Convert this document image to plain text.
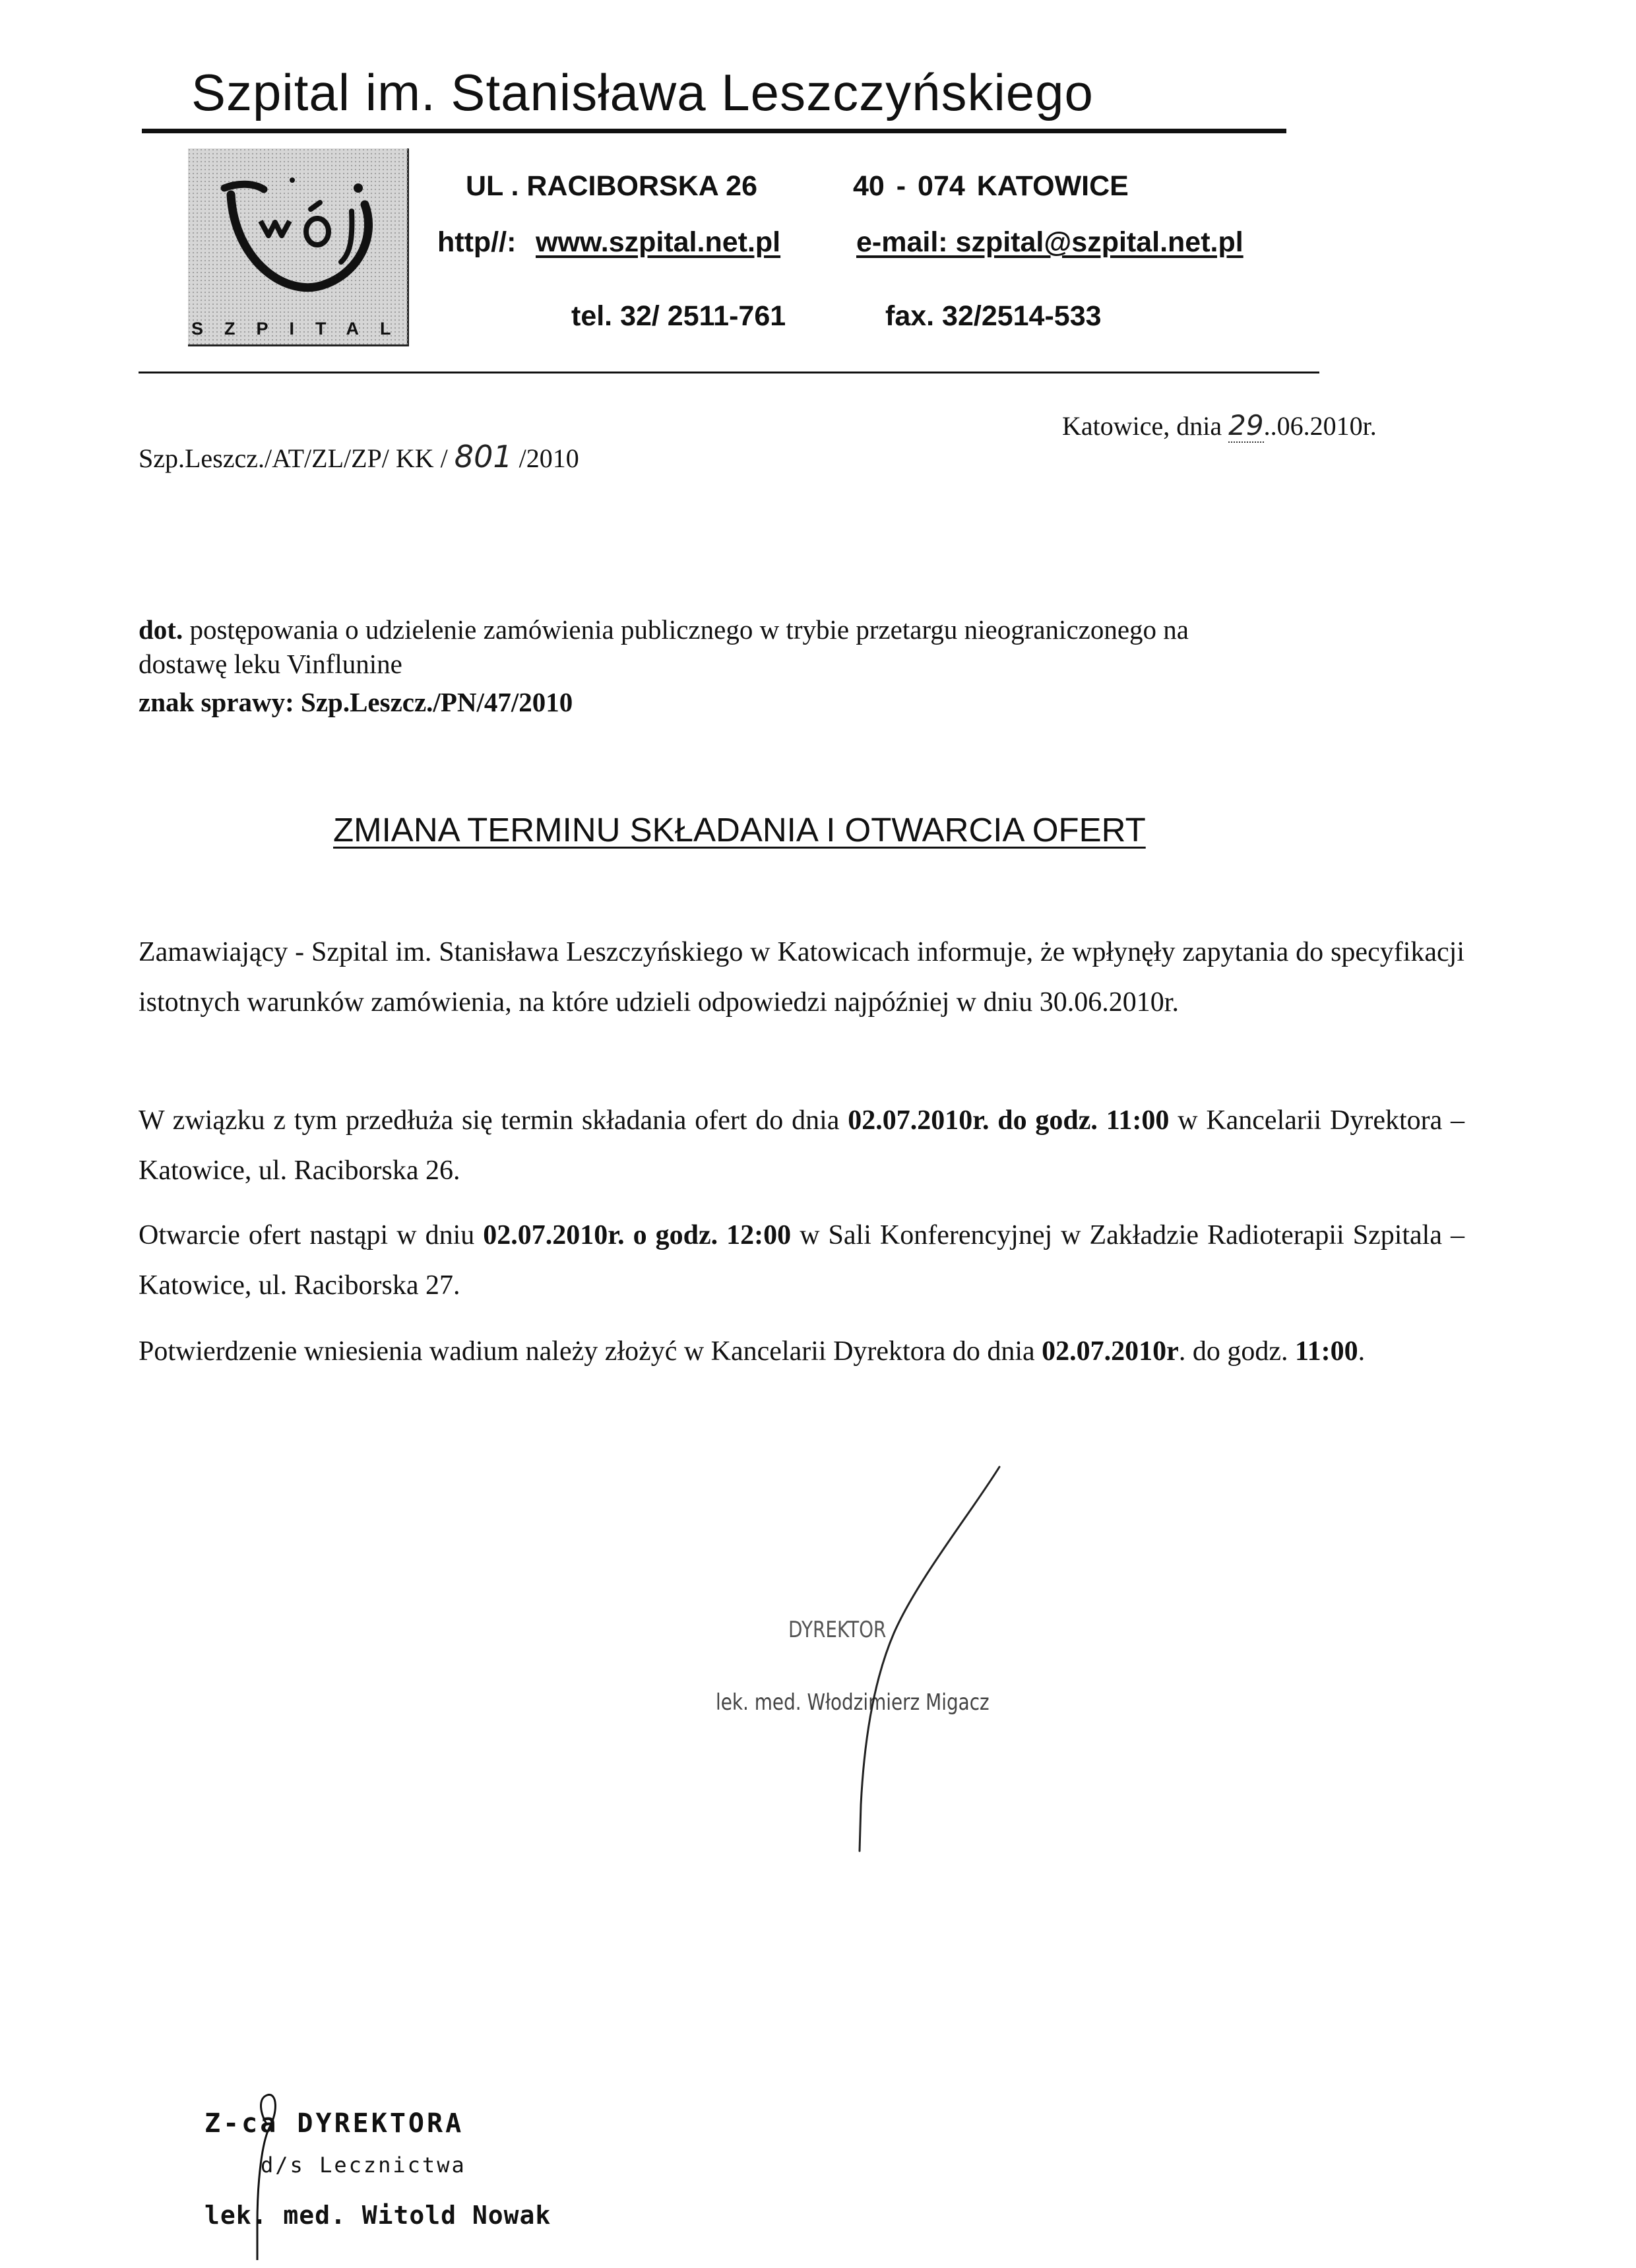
Szpital im. Stanisława Leszczyńskiego
SZPITAL
UL . RACIBORSKA 26	40 - 074 KATOWICE
http//: www.szpital.net.pl	e-mail: szpital@szpital.net.pl
tel. 32/ 2511-761	fax. 32/2514-533
Szp.Leszcz./AT/ZL/ZP/ KK / 801 /2010
Katowice, dnia 29..06.2010r.
dot. postępowania o udzielenie zamówienia publicznego w trybie przetargu nieograniczonego na
dostawę leku Vinflunine
znak sprawy: Szp.Leszcz./PN/47/2010
ZMIANA TERMINU SKŁADANIA I OTWARCIA OFERT
Zamawiający - Szpital im. Stanisława Leszczyńskiego w Katowicach informuje, że wpłynęły zapytania do specyfikacji istotnych warunków zamówienia, na które udzieli odpowiedzi najpóźniej w dniu 30.06.2010r.
W związku z tym przedłuża się termin składania ofert do dnia 02.07.2010r. do godz. 11:00 w Kancelarii Dyrektora – Katowice, ul. Raciborska 26.
Otwarcie ofert nastąpi w dniu 02.07.2010r. o godz. 12:00 w Sali Konferencyjnej w Zakładzie Radioterapii Szpitala – Katowice, ul. Raciborska 27.
Potwierdzenie wniesienia wadium należy złożyć w Kancelarii Dyrektora do dnia 02.07.2010r. do godz. 11:00.
DYREKTOR
lek. med. Włodzimierz Migacz
Z-ca DYREKTORA
d/s Lecznictwa
lek. med. Witold Nowak
